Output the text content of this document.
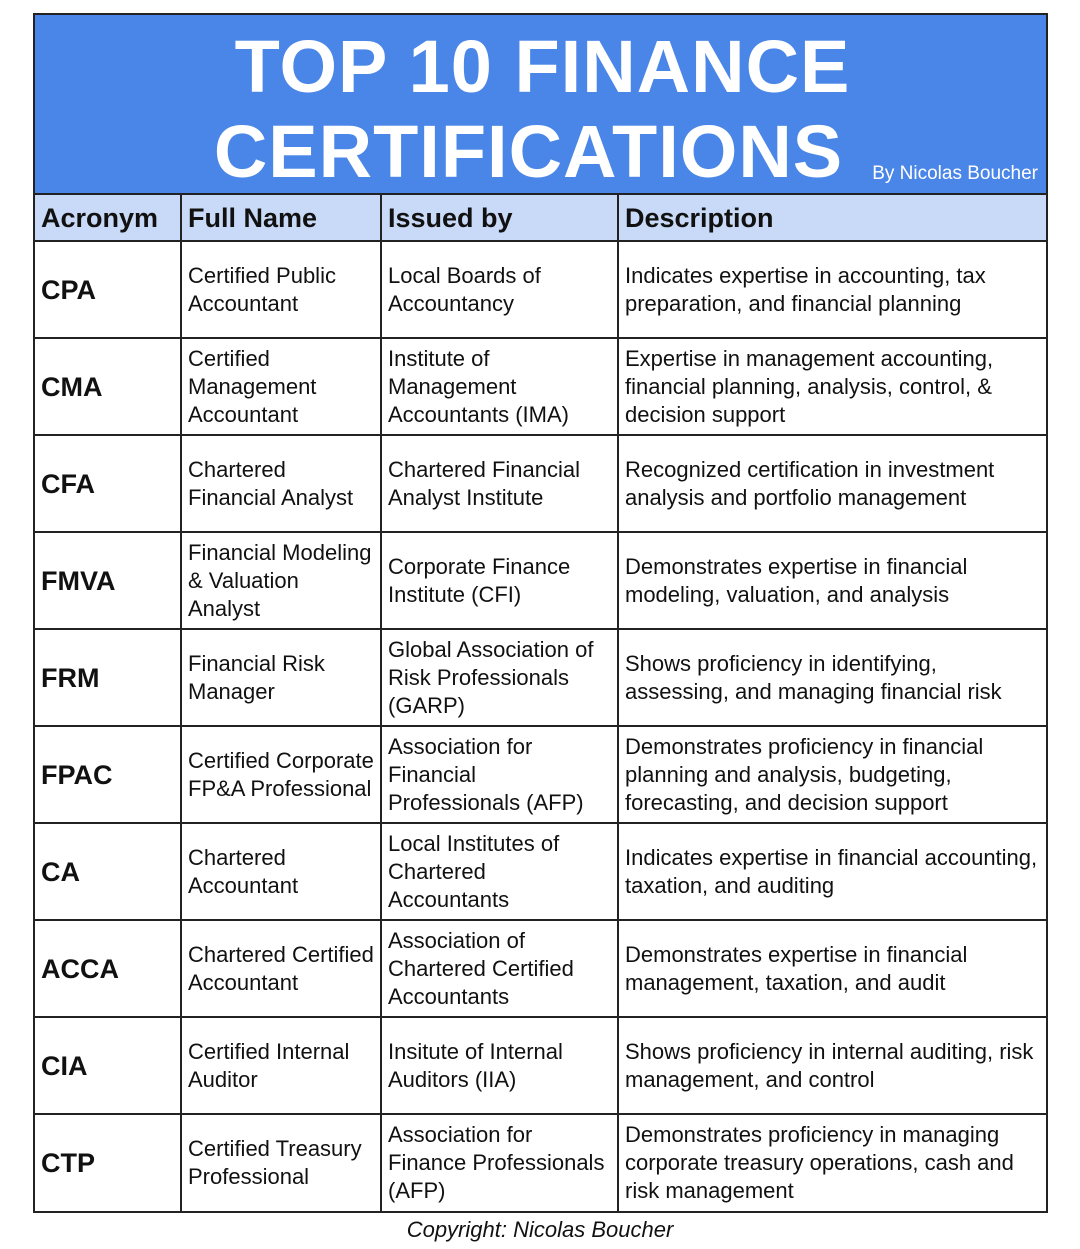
TOP 10 FINANCE
CERTIFICATIONS	By Nicolas Boucher
Acronym	Full Name	Issued by	Description
CPA	Certified Public Accountant	Local Boards of Accountancy	Indicates expertise in accounting, tax preparation, and financial planning
CMA	Certified Management Accountant	Institute of Management Accountants (IMA)	Expertise in management accounting, financial planning, analysis, control, & decision support
CFA	Chartered Financial Analyst	Chartered Financial Analyst Institute	Recognized certification in investment analysis and portfolio management
FMVA	Financial Modeling & Valuation Analyst	Corporate Finance Institute (CFI)	Demonstrates expertise in financial modeling, valuation, and analysis
FRM	Financial Risk Manager	Global Association of Risk Professionals (GARP)	Shows proficiency in identifying, assessing, and managing financial risk
FPAC	Certified Corporate FP&A Professional	Association for Financial Professionals (AFP)	Demonstrates proficiency in financial planning and analysis, budgeting, forecasting, and decision support
CA	Chartered Accountant	Local Institutes of Chartered Accountants	Indicates expertise in financial accounting, taxation, and auditing
ACCA	Chartered Certified Accountant	Association of Chartered Certified Accountants	Demonstrates expertise in financial management, taxation, and audit
CIA	Certified Internal Auditor	Insitute of Internal Auditors (IIA)	Shows proficiency in internal auditing, risk management, and control
CTP	Certified Treasury Professional	Association for Finance Professionals (AFP)	Demonstrates proficiency in managing corporate treasury operations, cash and risk management
Copyright: Nicolas Boucher
